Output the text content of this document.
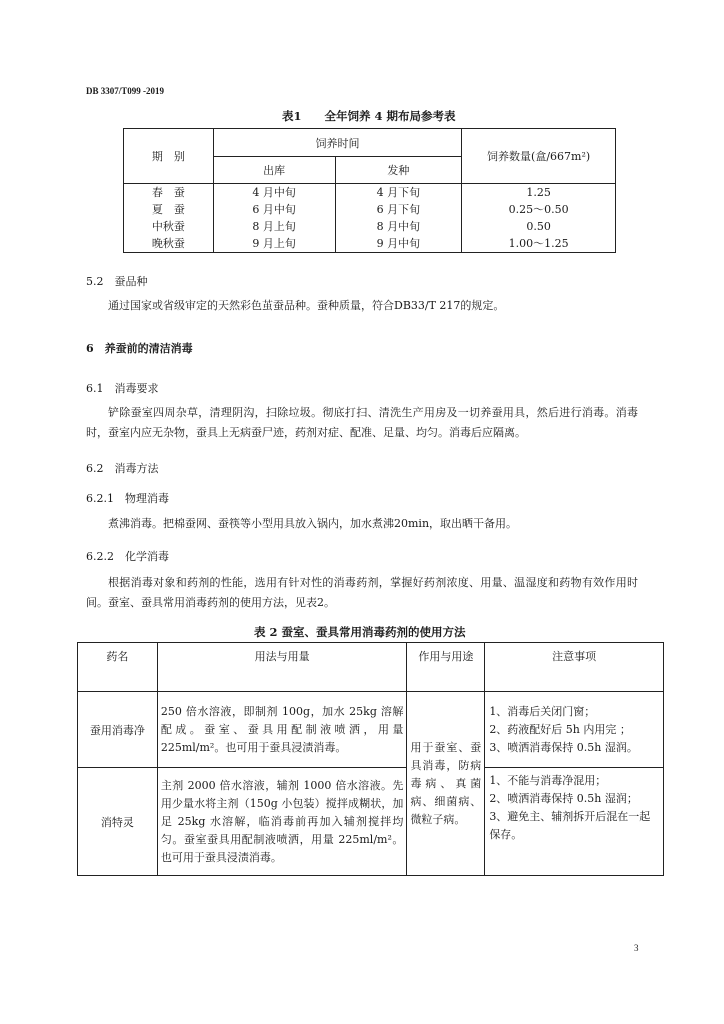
DB 3307/T099 -2019
表1　　全年饲养 4 期布局参考表
期　别	饲养时间		饲养数量(盒/667m²)
	出库	发种	
春　蚕	4 月中旬	4 月下旬	1.25
夏　蚕	6 月中旬	6 月下旬	0.25～0.50
中秋蚕	8 月上旬	8 月中旬	0.50
晚秋蚕	9 月上旬	9 月中旬	1.00～1.25
5.2　蚕品种
通过国家或省级审定的天然彩色茧蚕品种。蚕种质量，符合DB33/T 217的规定。
6　养蚕前的清洁消毒
6.1　消毒要求
铲除蚕室四周杂草，清理阴沟，扫除垃圾。彻底打扫、清洗生产用房及一切养蚕用具，然后进行消毒。消毒时，蚕室内应无杂物，蚕具上无病蚕尸迹，药剂对症、配准、足量、均匀。消毒后应隔离。
6.2　消毒方法
6.2.1　物理消毒
煮沸消毒。把棉蚕网、蚕筷等小型用具放入锅内，加水煮沸20min，取出晒干备用。
6.2.2　化学消毒
根据消毒对象和药剂的性能，选用有针对性的消毒药剂，掌握好药剂浓度、用量、温湿度和药物有效作用时间。蚕室、蚕具常用消毒药剂的使用方法，见表2。
表 2 蚕室、蚕具常用消毒药剂的使用方法
药名	用法与用量	作用与用途	注意事项
蚕用消毒净	250 倍水溶液，即制剂 100g，加水 25kg 溶解配成。蚕室、蚕具用配制液喷洒，用量 225ml/m²。也可用于蚕具浸渍消毒。	用于蚕室、蚕具消毒，防病毒病、真菌病、细菌病、微粒子病。	1、消毒后关闭门窗；
2、药液配好后 5h 内用完 ；
3、喷洒消毒保持 0.5h 湿润。

消特灵	主剂 2000 倍水溶液，辅剂 1000 倍水溶液。先用少量水将主剂（150g 小包装）搅拌成糊状，加足 25kg 水溶解，临消毒前再加入辅剂搅拌均匀。蚕室蚕具用配制液喷洒，用量 225ml/m²。也可用于蚕具浸渍消毒。		1、不能与消毒净混用；
2、喷洒消毒保持 0.5h 湿润；
3、避免主、辅剂拆开后混在一起保存。
3
